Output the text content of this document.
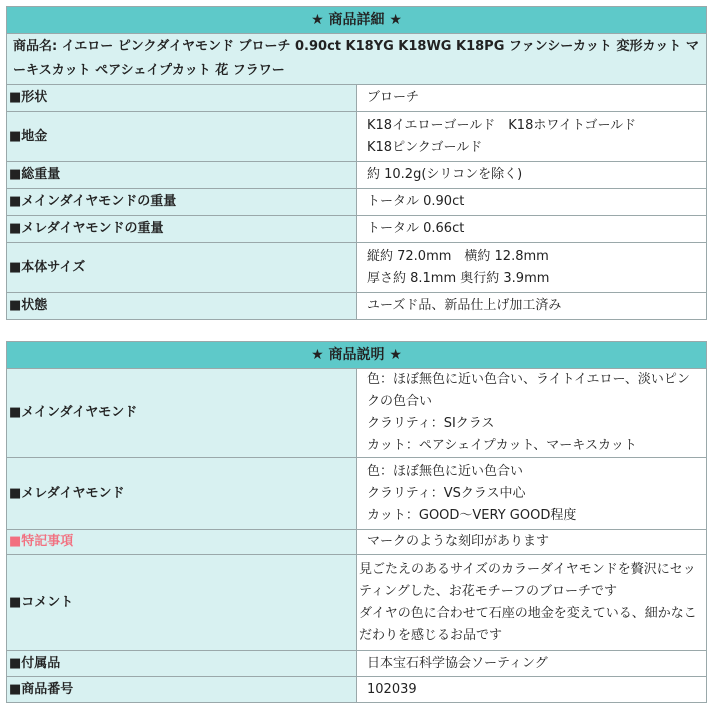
★ 商品詳細 ★	
商品名: イエロー ピンクダイヤモンド ブローチ 0.90ct K18YG K18WG K18PG ファンシーカット 変形カット マーキスカット ペアシェイプカット 花 フラワー	
■形状	ブローチ
■地金	K18イエローゴールド　K18ホワイトゴールド
K18ピンクゴールド

■総重量	約 10.2g(シリコンを除く)
■メインダイヤモンドの重量	トータル 0.90ct
■メレダイヤモンドの重量	トータル 0.66ct
■本体サイズ	縦約 72.0mm　横約 12.8mm
厚さ約 8.1mm 奥行約 3.9mm

■状態	ユーズド品、新品仕上げ加工済み
★ 商品説明 ★	
■メインダイヤモンド	色：ほぼ無色に近い色合い、ライトイエロー、淡いピンクの色合い
クラリティ：SIクラス
カット：ペアシェイプカット、マーキスカット

■メレダイヤモンド	色：ほぼ無色に近い色合い
クラリティ：VSクラス中心
カット：GOOD～VERY GOOD程度

■特記事項	マークのような刻印があります
■コメント	見ごたえのあるサイズのカラーダイヤモンドを贅沢にセッティングした、お花モチーフのブローチです
ダイヤの色に合わせて石座の地金を変えている、細かなこだわりを感じるお品です

■付属品	日本宝石科学協会ソーティング
■商品番号	102039
